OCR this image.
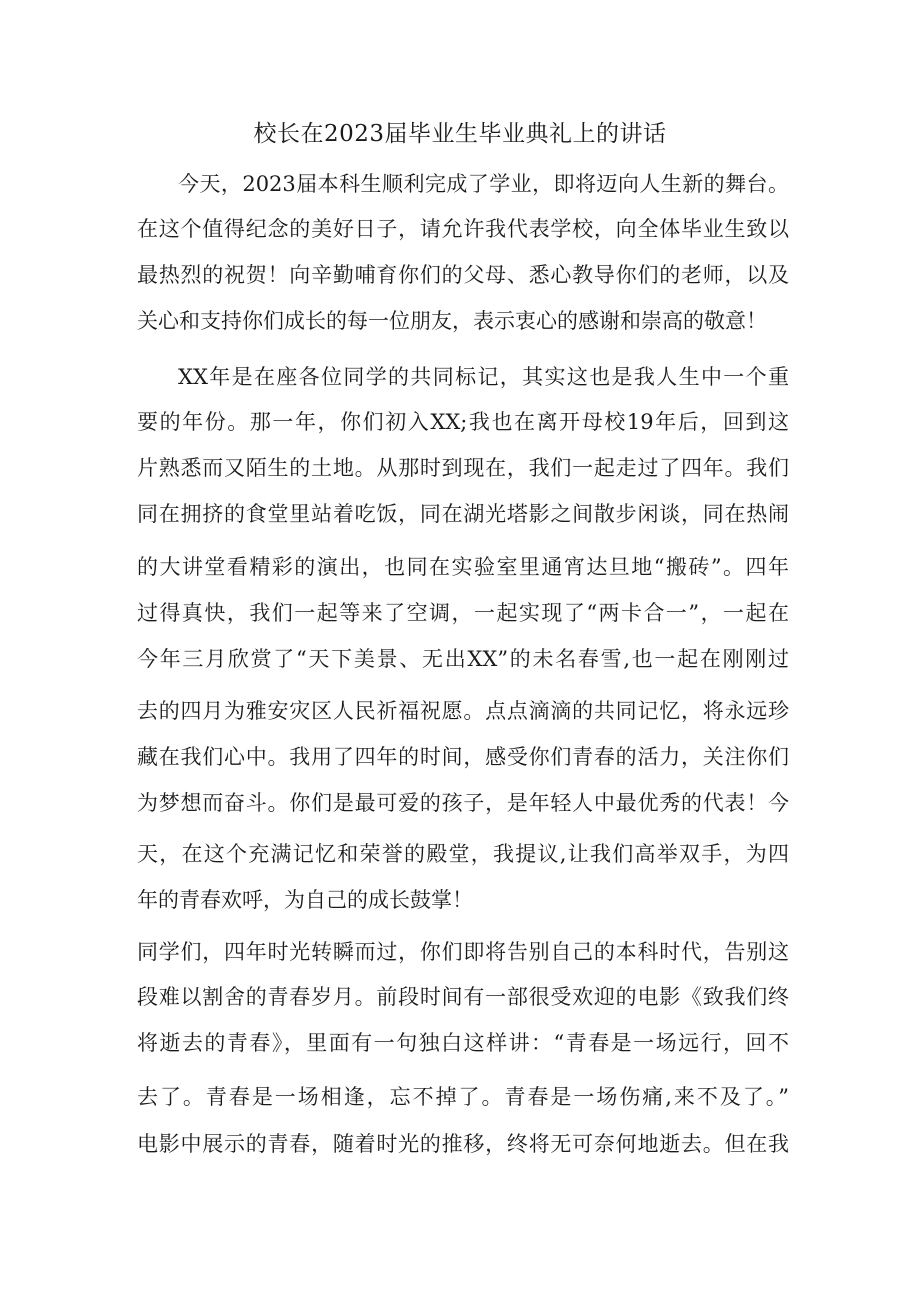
校长在2023届毕业生毕业典礼上的讲话
今天，2023届本科生顺利完成了学业，即将迈向人生新的舞台。
在这个值得纪念的美好日子，请允许我代表学校，向全体毕业生致以
最热烈的祝贺！向辛勤哺育你们的父母、悉心教导你们的老师，以及
关心和支持你们成长的每一位朋友，表示衷心的感谢和崇高的敬意！
XX年是在座各位同学的共同标记，其实这也是我人生中一个重
要的年份。那一年，你们初入XX;我也在离开母校19年后，回到这
片熟悉而又陌生的土地。从那时到现在，我们一起走过了四年。我们
同在拥挤的食堂里站着吃饭，同在湖光塔影之间散步闲谈，同在热闹
的大讲堂看精彩的演出，也同在实验室里通宵达旦地“搬砖”。四年
过得真快，我们一起等来了空调，一起实现了“两卡合一”，一起在
今年三月欣赏了“天下美景、无出XX”的未名春雪,也一起在刚刚过
去的四月为雅安灾区人民祈福祝愿。点点滴滴的共同记忆，将永远珍
藏在我们心中。我用了四年的时间，感受你们青春的活力，关注你们
为梦想而奋斗。你们是最可爱的孩子，是年轻人中最优秀的代表！今
天，在这个充满记忆和荣誉的殿堂，我提议,让我们高举双手，为四
年的青春欢呼，为自己的成长鼓掌！
同学们，四年时光转瞬而过，你们即将告别自己的本科时代，告别这
段难以割舍的青春岁月。前段时间有一部很受欢迎的电影《致我们终
将逝去的青春》，里面有一句独白这样讲：“青春是一场远行，回不
去了。青春是一场相逢，忘不掉了。青春是一场伤痛,来不及了。”
电影中展示的青春，随着时光的推移，终将无可奈何地逝去。但在我
